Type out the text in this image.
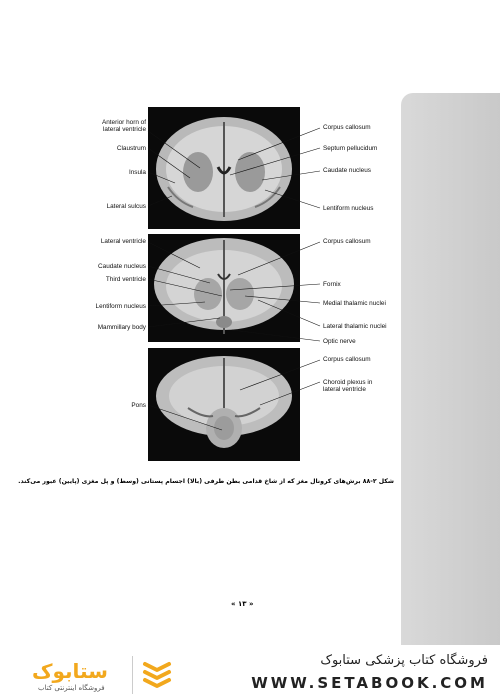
Anterior horn of
lateral ventricle
Claustrum
Insula
Lateral sulcus
Corpus callosum
Septum pellucidum
Caudate nucleus
Lentiform nucleus
Lateral ventricle
Caudate nucleus
Third ventricle
Lentiform nucleus
Mammillary body
Corpus callosum
Fornix
Medial thalamic nuclei
Lateral thalamic nuclei
Optic nerve
Pons
Corpus callosum
Choroid plexus in
lateral ventricle
شکل ۲-۸۸ برش‌های کرونال مغز که از شاخ قدامی بطن طرفی (بالا) اجسام پستانی (وسط) و پل مغزی (پایین) عبور می‌کند.
« ۱۳ »
فروشگاه کتاب پزشکی ستابوک
WWW.SETABOOK.COM
ستابوک
فروشگاه اینترنتی کتاب
